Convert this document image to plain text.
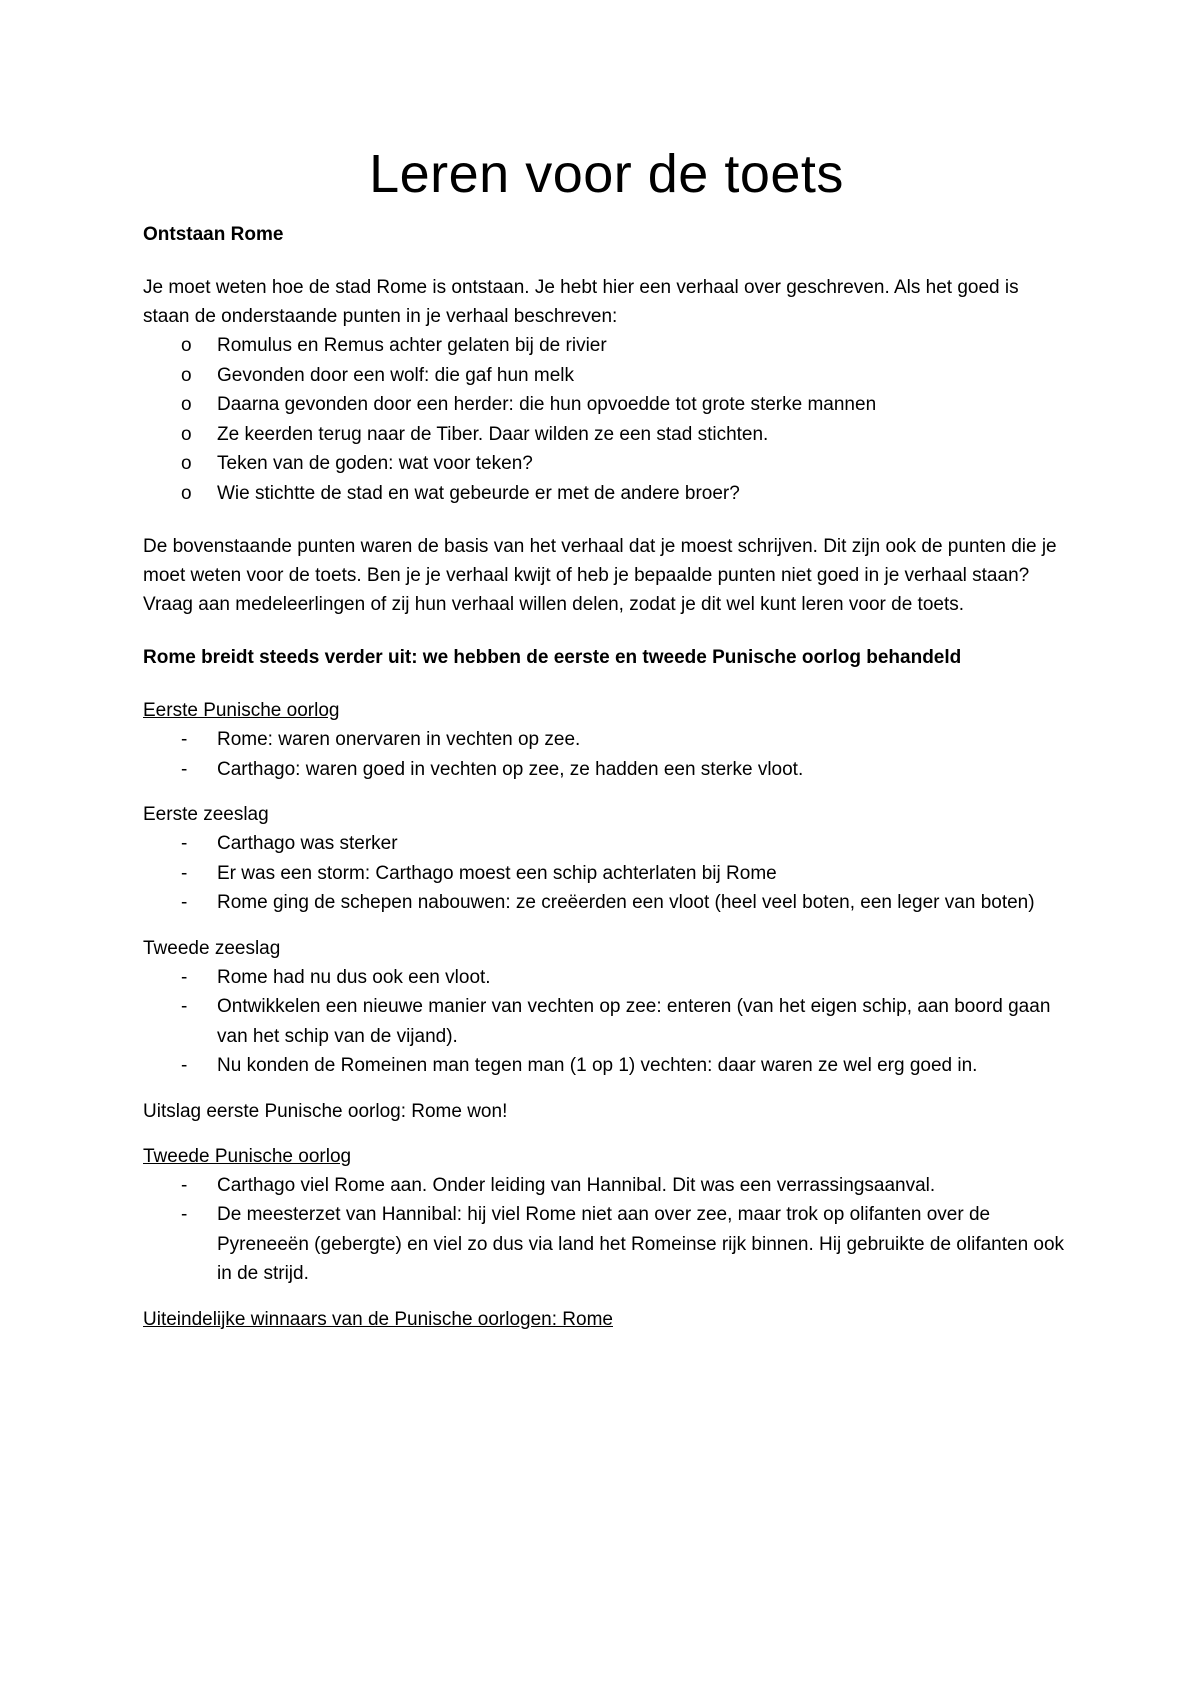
Leren voor de toets

Ontstaan Rome

Je moet weten hoe de stad Rome is ontstaan. Je hebt hier een verhaal over geschreven. Als het goed is staan de onderstaande punten in je verhaal beschreven:

o	Romulus en Remus achter gelaten bij de rivier
o	Gevonden door een wolf: die gaf hun melk
o	Daarna gevonden door een herder: die hun opvoedde tot grote sterke mannen
o	Ze keerden terug naar de Tiber. Daar wilden ze een stad stichten.
o	Teken van de goden: wat voor teken?
o	Wie stichtte de stad en wat gebeurde er met de andere broer?

De bovenstaande punten waren de basis van het verhaal dat je moest schrijven. Dit zijn ook de punten die je moet weten voor de toets. Ben je je verhaal kwijt of heb je bepaalde punten niet goed in je verhaal staan? Vraag aan medeleerlingen of zij hun verhaal willen delen, zodat je dit wel kunt leren voor de toets.

Rome breidt steeds verder uit: we hebben de eerste en tweede Punische oorlog behandeld

Eerste Punische oorlog

-	Rome: waren onervaren in vechten op zee.
-	Carthago: waren goed in vechten op zee, ze hadden een sterke vloot.

Eerste zeeslag

-	Carthago was sterker
-	Er was een storm: Carthago moest een schip achterlaten bij Rome
-	Rome ging de schepen nabouwen: ze creëerden een vloot (heel veel boten, een leger van boten)

Tweede zeeslag

-	Rome had nu dus ook een vloot.
-	Ontwikkelen een nieuwe manier van vechten op zee: enteren (van het eigen schip, aan boord gaan van het schip van de vijand).
-	Nu konden de Romeinen man tegen man (1 op 1) vechten: daar waren ze wel erg goed in.

Uitslag eerste Punische oorlog: Rome won!

Tweede Punische oorlog

-	Carthago viel Rome aan. Onder leiding van Hannibal. Dit was een verrassingsaanval.
-	De meesterzet van Hannibal: hij viel Rome niet aan over zee, maar trok op olifanten over de Pyreneeën (gebergte) en viel zo dus via land het Romeinse rijk binnen. Hij gebruikte de olifanten ook in de strijd.

Uiteindelijke winnaars van de Punische oorlogen: Rome
